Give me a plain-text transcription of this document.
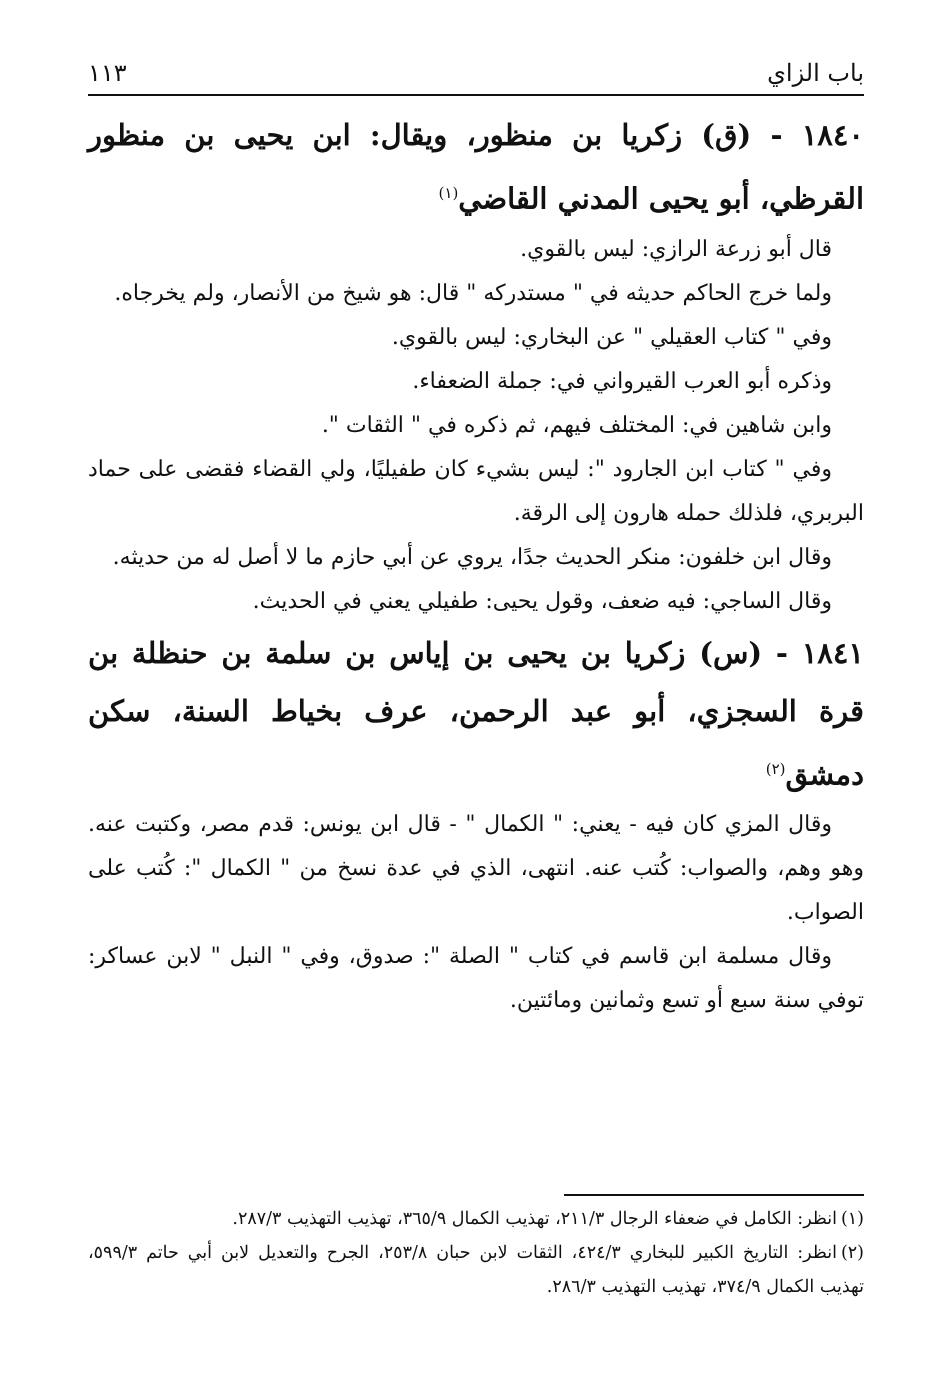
باب الزاي
١١٣

١٨٤٠ - (ق) زكريا بن منظور، ويقال: ابن يحيى بن منظور القرظي، أبو يحيى المدني القاضي$^{(١)}$

قال أبو زرعة الرازي: ليس بالقوي.

ولما خرج الحاكم حديثه في " مستدركه " قال: هو شيخ من الأنصار، ولم يخرجاه.

وفي " كتاب العقيلي " عن البخاري: ليس بالقوي.

وذكره أبو العرب القيرواني في: جملة الضعفاء.

وابن شاهين في: المختلف فيهم، ثم ذكره في " الثقات ".

وفي " كتاب ابن الجارود ": ليس بشيء كان طفيليًا، ولي القضاء فقضى على حماد البربري، فلذلك حمله هارون إلى الرقة.

وقال ابن خلفون: منكر الحديث جدًا، يروي عن أبي حازم ما لا أصل له من حديثه.

وقال الساجي: فيه ضعف، وقول يحيى: طفيلي يعني في الحديث.

١٨٤١ - (س) زكريا بن يحيى بن إياس بن سلمة بن حنظلة بن قرة السجزي، أبو عبد الرحمن، عرف بخياط السنة، سكن دمشق$^{(٢)}$

وقال المزي كان فيه - يعني: " الكمال " - قال ابن يونس: قدم مصر، وكتبت عنه. وهو وهم، والصواب: كُتب عنه. انتهى، الذي في عدة نسخ من " الكمال ": كُتب على الصواب.

وقال مسلمة ابن قاسم في كتاب " الصلة ": صدوق، وفي " النبل " لابن عساكر: توفي سنة سبع أو تسع وثمانين ومائتين.

(١)انظر: الكامل في ضعفاء الرجال ٢١١/٣، تهذيب الكمال ٣٦٥/٩، تهذيب التهذيب ٢٨٧/٣.

(٢)انظر: التاريخ الكبير للبخاري ٤٢٤/٣، الثقات لابن حبان ٢٥٣/٨، الجرح والتعديل لابن أبي حاتم ٥٩٩/٣، تهذيب الكمال ٣٧٤/٩، تهذيب التهذيب ٢٨٦/٣.
